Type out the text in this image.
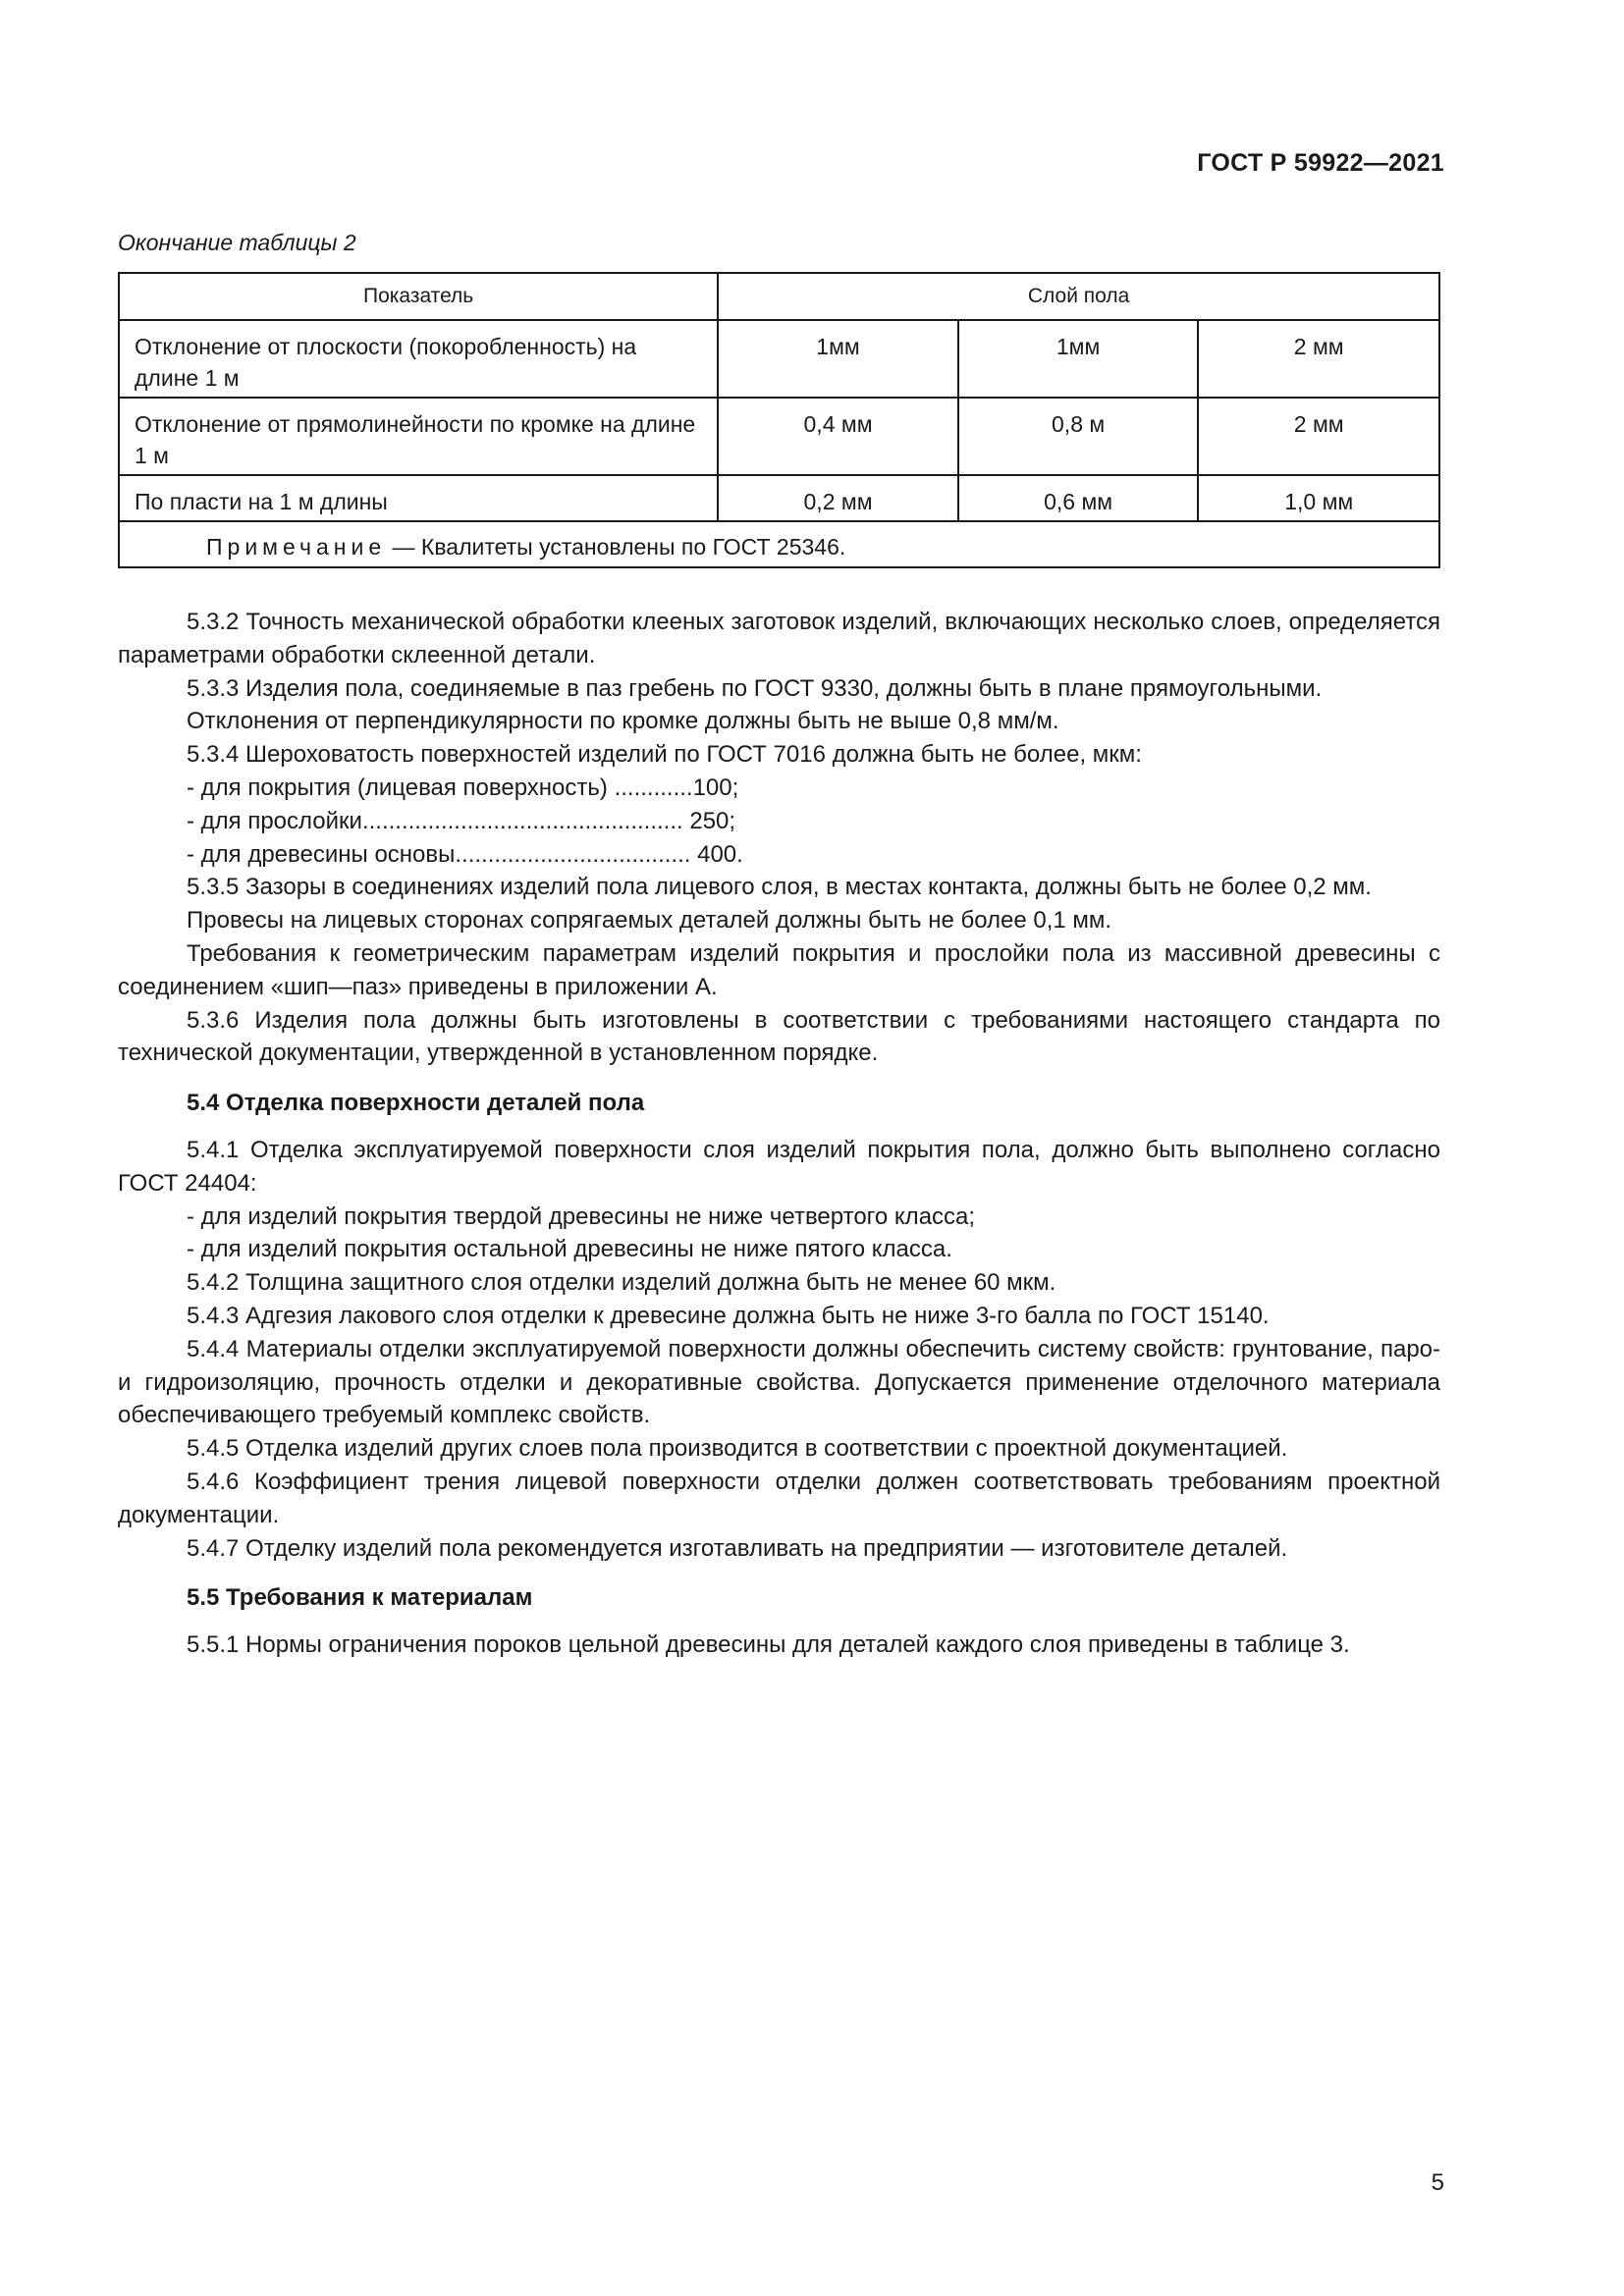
ГОСТ Р 59922—2021
Окончание таблицы 2
Показатель	Слой пола		
Отклонение от плоскости (покоробленность) на длине 1 м	1мм	1мм	2 мм
Отклонение от прямолинейности по кромке на длине 1 м	0,4 мм	0,8 м	2 мм
По пласти на 1 м длины	0,2 мм	0,6 мм	1,0 мм
Примечание — Квалитеты установлены по ГОСТ 25346.			

5.3.2 Точность механической обработки клееных заготовок изделий, включающих несколько слоев, определяется параметрами обработки склеенной детали.

5.3.3 Изделия пола, соединяемые в паз гребень по ГОСТ 9330, должны быть в плане прямоугольными.

Отклонения от перпендикулярности по кромке должны быть не выше 0,8 мм/м.

5.3.4 Шероховатость поверхностей изделий по ГОСТ 7016 должна быть не более, мкм:

- для покрытия (лицевая поверхность) ............100;

- для прослойки................................................. 250;

- для древесины основы.................................... 400.

5.3.5 Зазоры в соединениях изделий пола лицевого слоя, в местах контакта, должны быть не более 0,2 мм.

Провесы на лицевых сторонах сопрягаемых деталей должны быть не более 0,1 мм.

Требования к геометрическим параметрам изделий покрытия и прослойки пола из массивной древесины с соединением «шип—паз» приведены в приложении А.

5.3.6 Изделия пола должны быть изготовлены в соответствии с требованиями настоящего стандарта по технической документации, утвержденной в установленном порядке.

5.4 Отделка поверхности деталей пола

5.4.1 Отделка эксплуатируемой поверхности слоя изделий покрытия пола, должно быть выполнено согласно ГОСТ 24404:

- для изделий покрытия твердой древесины не ниже четвертого класса;

- для изделий покрытия остальной древесины не ниже пятого класса.

5.4.2 Толщина защитного слоя отделки изделий должна быть не менее 60 мкм.

5.4.3 Адгезия лакового слоя отделки к древесине должна быть не ниже 3-го балла по ГОСТ 15140.

5.4.4 Материалы отделки эксплуатируемой поверхности должны обеспечить систему свойств: грунтование, паро- и гидроизоляцию, прочность отделки и декоративные свойства. Допускается применение отделочного материала обеспечивающего требуемый комплекс свойств.

5.4.5 Отделка изделий других слоев пола производится в соответствии с проектной документацией.

5.4.6 Коэффициент трения лицевой поверхности отделки должен соответствовать требованиям проектной документации.

5.4.7 Отделку изделий пола рекомендуется изготавливать на предприятии — изготовителе деталей.

5.5 Требования к материалам

5.5.1 Нормы ограничения пороков цельной древесины для деталей каждого слоя приведены в таблице 3.

5
